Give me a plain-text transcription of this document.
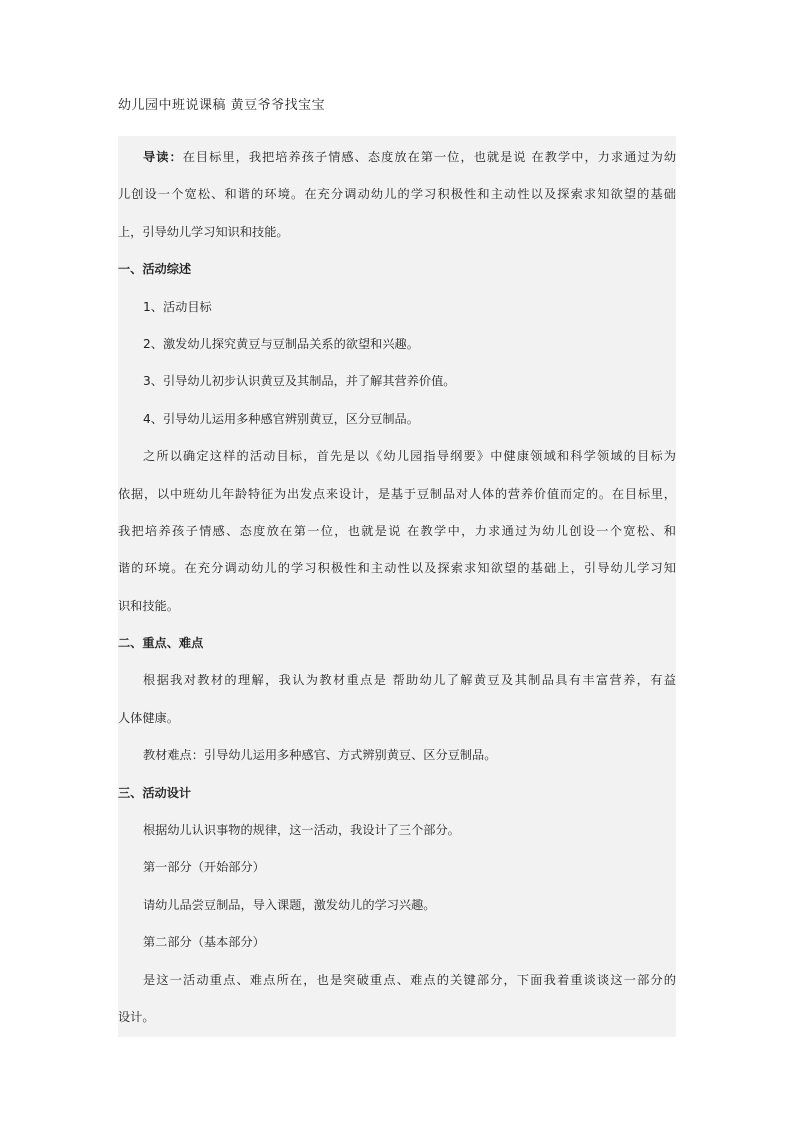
幼儿园中班说课稿 黄豆爷爷找宝宝
导读：在目标里，我把培养孩子情感、态度放在第一位，也就是说 在教学中，力求通过为幼
儿创设一个宽松、和谐的环境。在充分调动幼儿的学习积极性和主动性以及探索求知欲望的基础
上，引导幼儿学习知识和技能。
一、活动综述
1、活动目标
2、激发幼儿探究黄豆与豆制品关系的欲望和兴趣。
3、引导幼儿初步认识黄豆及其制品，并了解其营养价值。
4、引导幼儿运用多种感官辨别黄豆，区分豆制品。
之所以确定这样的活动目标，首先是以《幼儿园指导纲要》中健康领域和科学领域的目标为
依据，以中班幼儿年龄特征为出发点来设计，是基于豆制品对人体的营养价值而定的。在目标里，
我把培养孩子情感、态度放在第一位，也就是说 在教学中，力求通过为幼儿创设一个宽松、和
谐的环境。在充分调动幼儿的学习积极性和主动性以及探索求知欲望的基础上，引导幼儿学习知
识和技能。
二、重点、难点
根据我对教材的理解，我认为教材重点是 帮助幼儿了解黄豆及其制品具有丰富营养，有益
人体健康。
教材难点：引导幼儿运用多种感官、方式辨别黄豆、区分豆制品。
三、活动设计
根据幼儿认识事物的规律，这一活动，我设计了三个部分。
第一部分（开始部分）
请幼儿品尝豆制品，导入课题，激发幼儿的学习兴趣。
第二部分（基本部分）
是这一活动重点、难点所在，也是突破重点、难点的关键部分，下面我着重谈谈这一部分的
设计。
